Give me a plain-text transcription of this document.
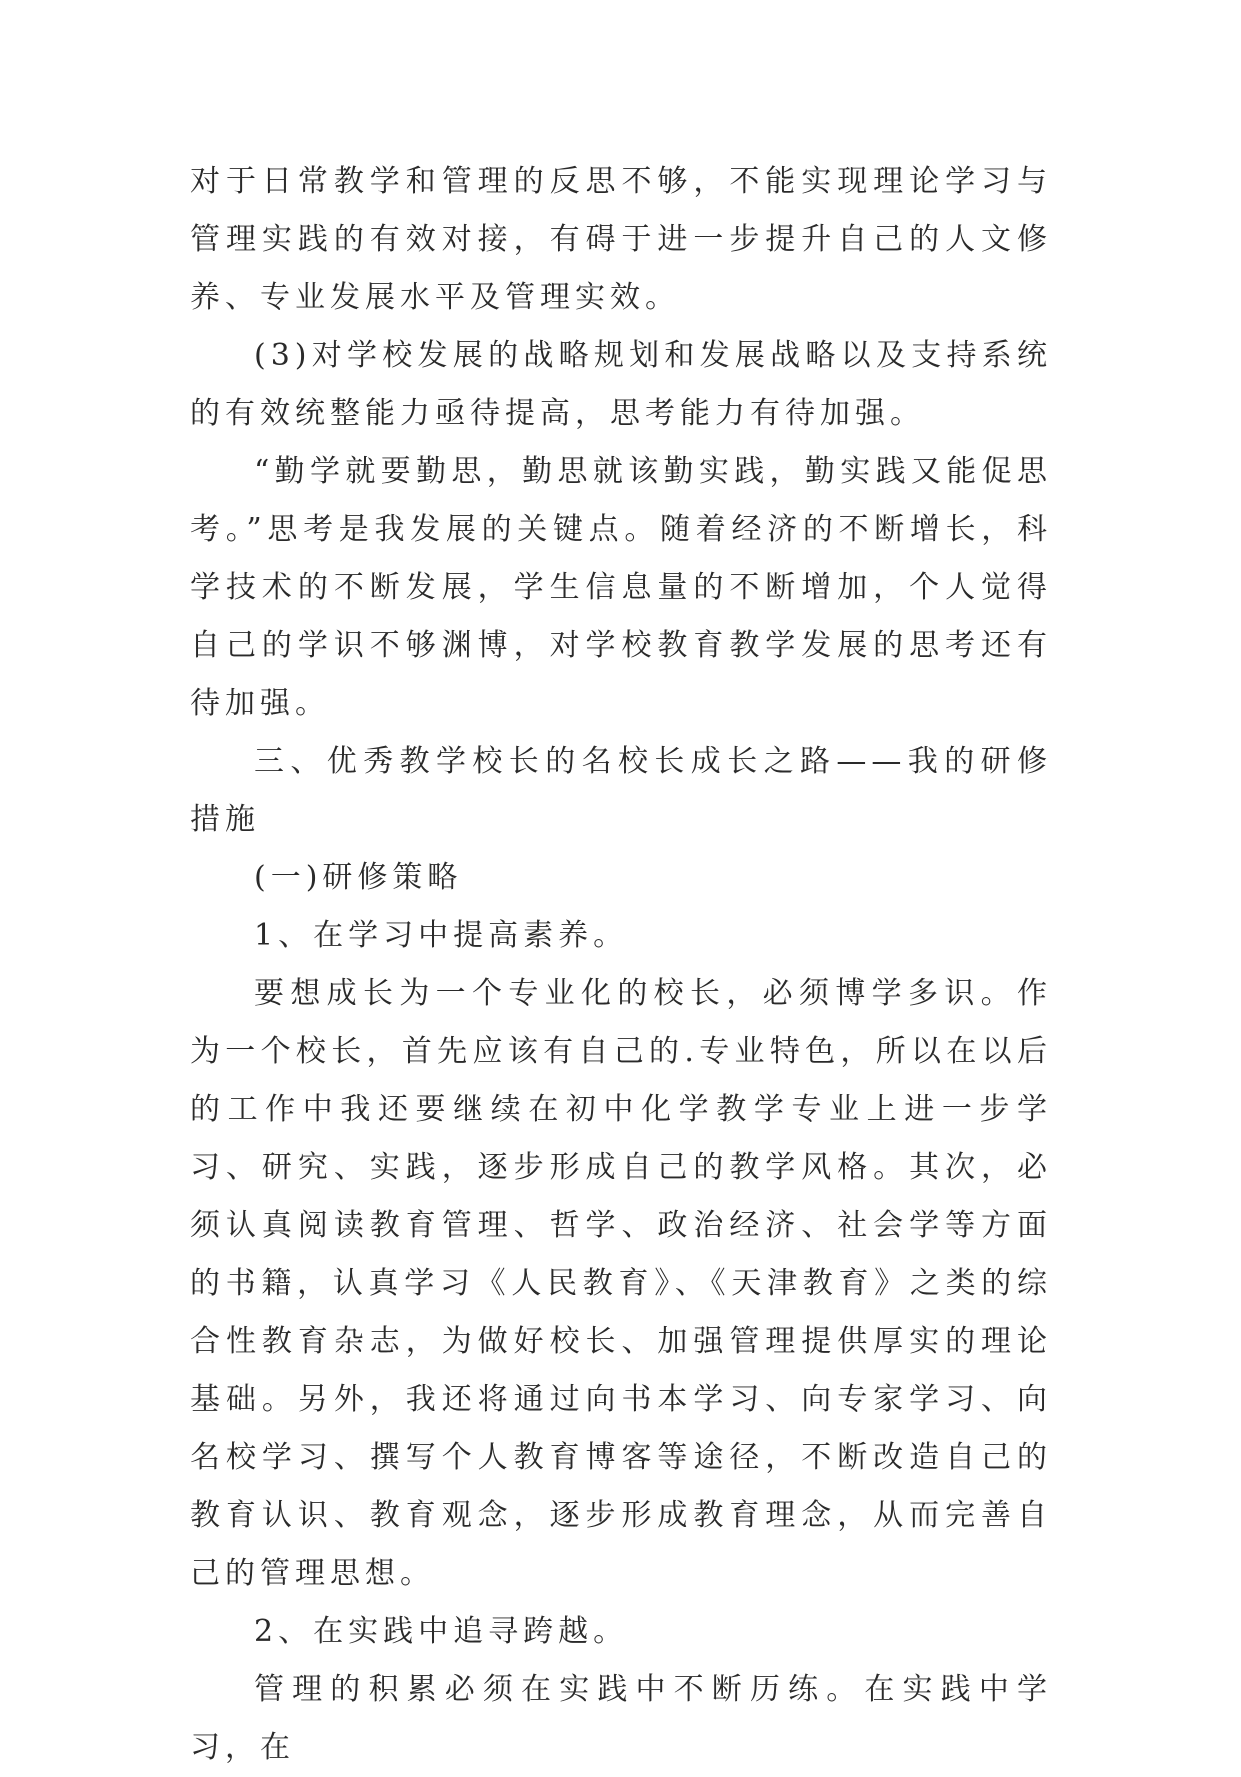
对于日常教学和管理的反思不够，不能实现理论学习与管理实践的有效对接，有碍于进一步提升自己的人文修养、专业发展水平及管理实效。

(3)对学校发展的战略规划和发展战略以及支持系统的有效统整能力亟待提高，思考能力有待加强。

“勤学就要勤思，勤思就该勤实践，勤实践又能促思考。”思考是我发展的关键点。随着经济的不断增长，科学技术的不断发展，学生信息量的不断增加，个人觉得自己的学识不够渊博，对学校教育教学发展的思考还有待加强。

三、优秀教学校长的名校长成长之路——我的研修措施

(一)研修策略

1、在学习中提高素养。

要想成长为一个专业化的校长，必须博学多识。作为一个校长，首先应该有自己的.专业特色，所以在以后的工作中我还要继续在初中化学教学专业上进一步学习、研究、实践，逐步形成自己的教学风格。其次，必须认真阅读教育管理、哲学、政治经济、社会学等方面的书籍，认真学习《人民教育》、《天津教育》之类的综合性教育杂志，为做好校长、加强管理提供厚实的理论基础。另外，我还将通过向书本学习、向专家学习、向名校学习、撰写个人教育博客等途径，不断改造自己的教育认识、教育观念，逐步形成教育理念，从而完善自己的管理思想。

2、在实践中追寻跨越。

管理的积累必须在实践中不断历练。在实践中学习，在
